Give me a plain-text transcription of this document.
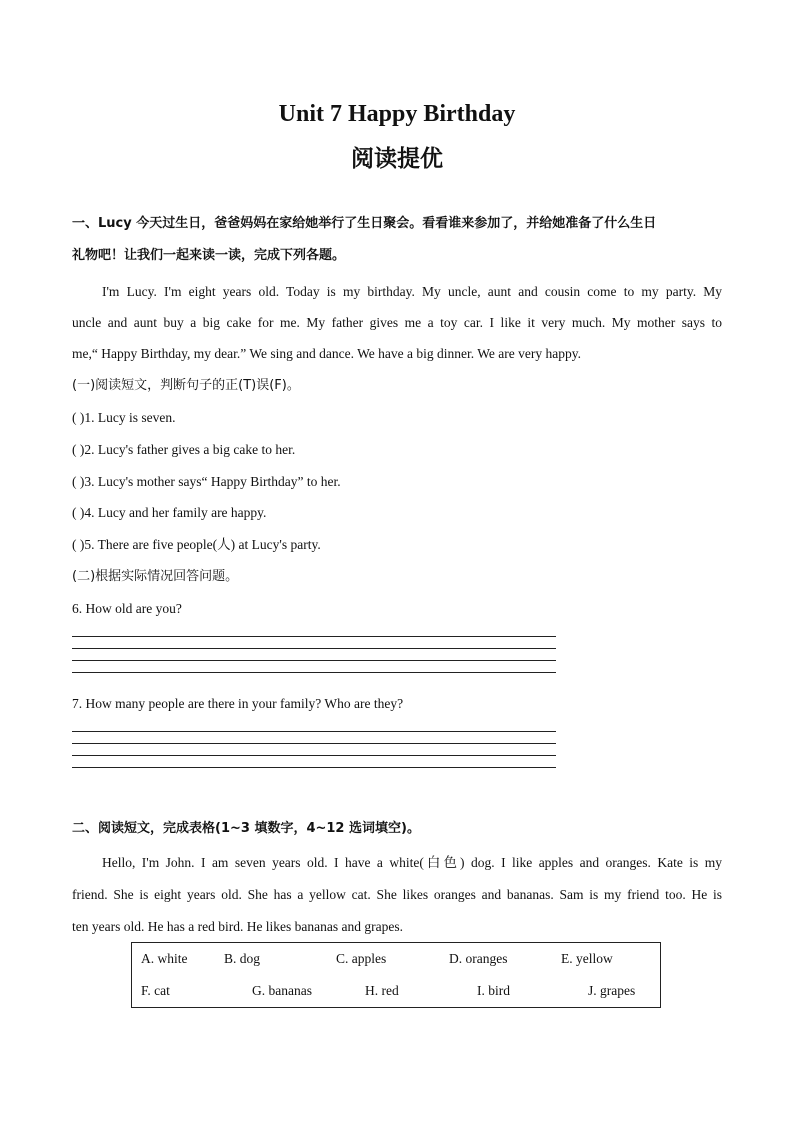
Unit 7 Happy Birthday
阅读提优
一、Lucy 今天过生日，爸爸妈妈在家给她举行了生日聚会。看看谁来参加了，并给她准备了什么生日
礼物吧！让我们一起来读一读，完成下列各题。
I'm Lucy. I'm eight years old. Today is my birthday. My uncle, aunt and cousin come to my party. My
uncle and aunt buy a big cake for me. My father gives me a toy car. I like it very much. My mother says to
me,“ Happy Birthday, my dear.” We sing and dance. We have a big dinner. We are very happy.
(一)阅读短文，判断句子的正(T)误(F)。
( )1. Lucy is seven.
( )2. Lucy's father gives a big cake to her.
( )3. Lucy's mother says“ Happy Birthday” to her.
( )4. Lucy and her family are happy.
( )5. There are five people(人) at Lucy's party.
(二)根据实际情况回答问题。
6. How old are you?
7. How many people are there in your family? Who are they?
二、阅读短文，完成表格(1~3 填数字，4~12 选词填空)。
Hello, I'm John. I am seven years old. I have a white(白色) dog. I like apples and oranges. Kate is my
friend. She is eight years old. She has a yellow cat. She likes oranges and bananas. Sam is my friend too. He is
ten years old. He has a red bird. He likes bananas and grapes.
A. white	B. dog	C. apples	D. oranges	E. yellow
F. cat	G. bananas	H. red	I. bird	J. grapes
